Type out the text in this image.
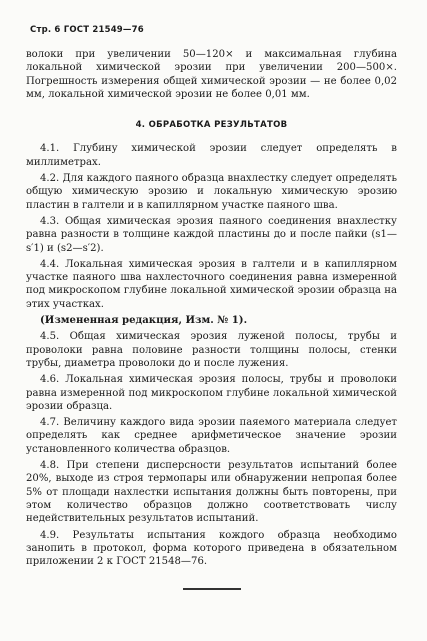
Стр. 6 ГОСТ 21549—76

волоки при увеличении 50—120× и максимальная глубина локальной химической эрозии при увеличении 200—500×. Погрешность измерения общей химической эрозии — не более 0,02 мм, локальной химической эрозии не более 0,01 мм.

4. ОБРАБОТКА РЕЗУЛЬТАТОВ

4.1. Глубину химической эрозии следует определять в миллиметрах.

4.2. Для каждого паяного образца внахлестку следует определять общую химическую эрозию и локальную химическую эрозию пластин в галтели и в капиллярном участке паяного шва.

4.3. Общая химическая эрозия паяного соединения внахлестку равна разности в толщине каждой пластины до и после пайки (s1—s′1) и (s2—s′2).

4.4. Локальная химическая эрозия в галтели и в капиллярном участке паяного шва нахлесточного соединения равна измеренной под микроскопом глубине локальной химической эрозии образца на этих участках.

(Измененная редакция, Изм. № 1).

4.5. Общая химическая эрозия луженой полосы, трубы и проволоки равна половине разности толщины полосы, стенки трубы, диаметра проволоки до и после лужения.

4.6. Локальная химическая эрозия полосы, трубы и проволоки равна измеренной под микроскопом глубине локальной химической эрозии образца.

4.7. Величину каждого вида эрозии паяемого материала следует определять как среднее арифметическое значение эрозии установленного количества образцов.

4.8. При степени дисперсности результатов испытаний более 20%, выходе из строя термопары или обнаружении непропая более 5% от площади нахлестки испытания должны быть повторены, при этом количество образцов должно соответствовать числу недействительных результатов испытаний.

4.9. Результаты испытания кождого образца необходимо занопить в протокол, форма которого приведена в обязательном приложении 2 к ГОСТ 21548—76.
